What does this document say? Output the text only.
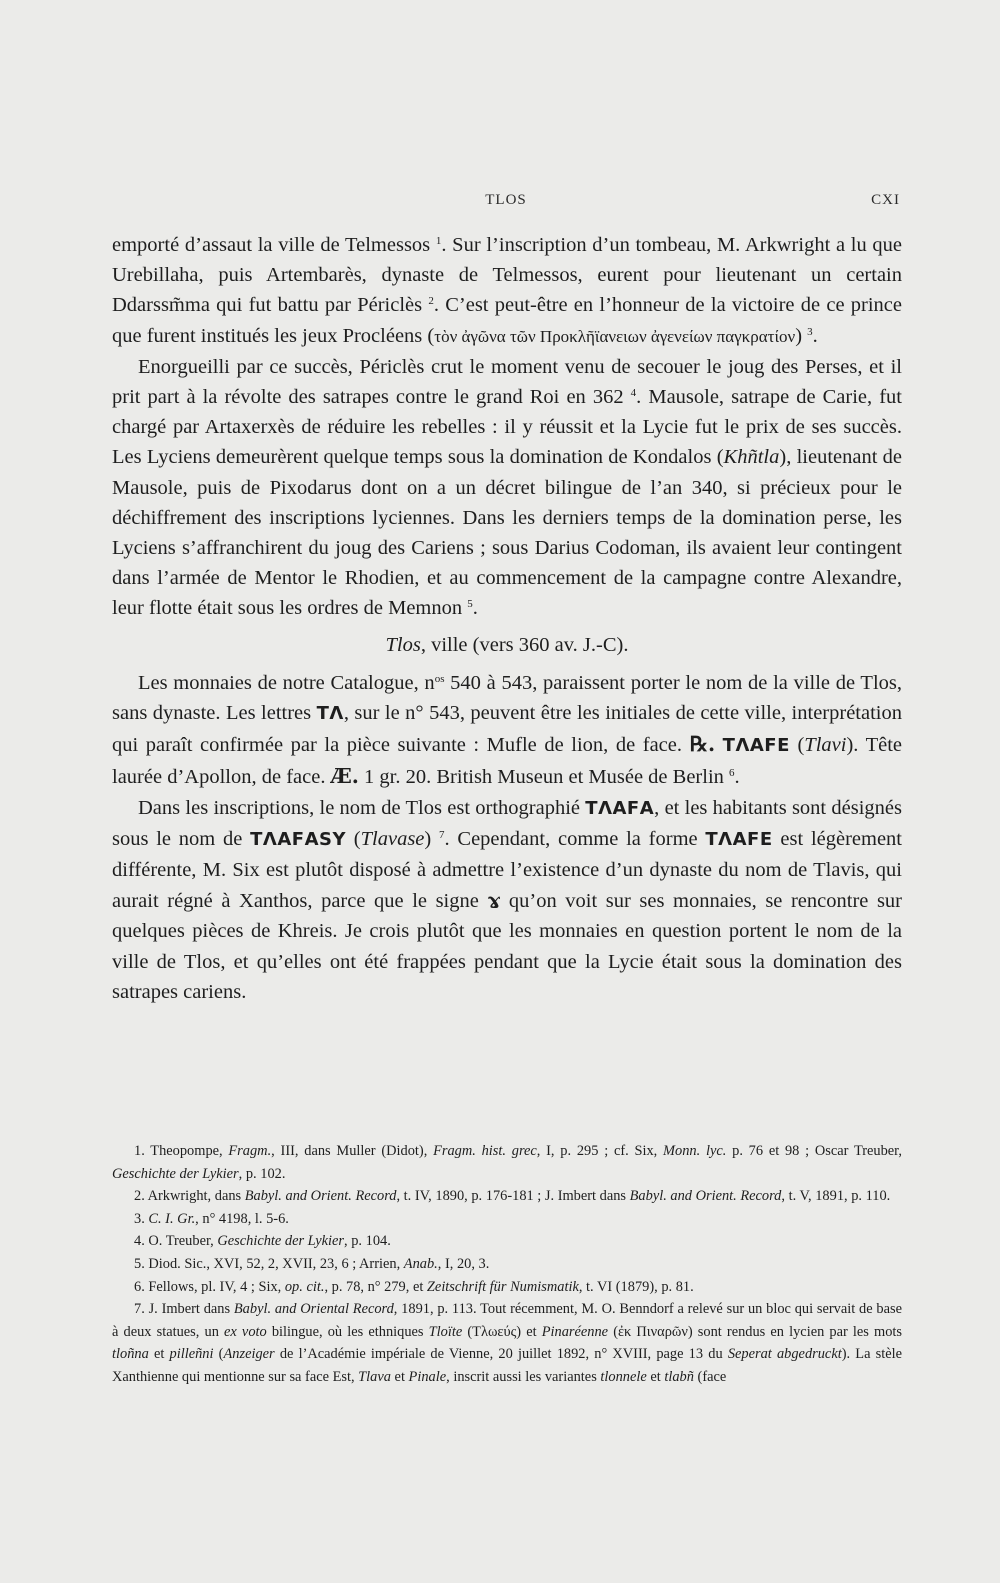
TLOS	CXI

emporté d’assaut la ville de Telmessos $^1$. Sur l’inscription d’un tombeau, M. Arkwright a lu que Urebillaha, puis Artembarès, dynaste de Telmessos, eurent pour lieutenant un certain Ddarssm̃ma qui fut battu par Périclès $^2$. C’est peut-être en l’honneur de la victoire de ce prince que furent institués les jeux Procléens (τὸν ἀγῶνα τῶν Προκλῆϊανειων ἀγενείων παγκρατίον) $^3$.

Enorgueilli par ce succès, Périclès crut le moment venu de secouer le joug des Perses, et il prit part à la révolte des satrapes contre le grand Roi en 362 $^4$. Mausole, satrape de Carie, fut chargé par Artaxerxès de réduire les rebelles : il y réussit et la Lycie fut le prix de ses succès. Les Lyciens demeurèrent quelque temps sous la domination de Kondalos (Khñtla), lieutenant de Mausole, puis de Pixodarus dont on a un décret bilingue de l’an 340, si précieux pour le déchiffrement des inscriptions lyciennes. Dans les derniers temps de la domination perse, les Lyciens s’affranchirent du joug des Cariens ; sous Darius Codoman, ils avaient leur contingent dans l’armée de Mentor le Rhodien, et au commencement de la campagne contre Alexandre, leur flotte était sous les ordres de Memnon $^5$.

Tlos, ville (vers 360 av. J.-C).

Les monnaies de notre Catalogue, $n^{os}$ 540 à 543, paraissent porter le nom de la ville de Tlos, sans dynaste. Les lettres TΛ, sur le n° 543, peuvent être les initiales de cette ville, interprétation qui paraît confirmée par la pièce suivante : Mufle de lion, de face. ℞. TΛΑFE (Tlavi). Tête laurée d’Apollon, de face. Æ. 1 gr. 20. British Museun et Musée de Berlin $^6$.

Dans les inscriptions, le nom de Tlos est orthographié TΛΑFΑ, et les habitants sont désignés sous le nom de TΛΑFΑSΥ (Tlavase) $^7$. Cependant, comme la forme TΛΑFE est légèrement différente, M. Six est plutôt disposé à admettre l’existence d’un dynaste du nom de Tlavis, qui aurait régné à Xanthos, parce que le signe ɤ qu’on voit sur ses monnaies, se rencontre sur quelques pièces de Khreis. Je crois plutôt que les monnaies en question portent le nom de la ville de Tlos, et qu’elles ont été frappées pendant que la Lycie était sous la domination des satrapes cariens.

1. Theopompe, Fragm., III, dans Muller (Didot), Fragm. hist. grec, I, p. 295 ; cf. Six, Monn. lyc. p. 76 et 98 ; Oscar Treuber, Geschichte der Lykier, p. 102.

2. Arkwright, dans Babyl. and Orient. Record, t. IV, 1890, p. 176-181 ; J. Imbert dans Babyl. and Orient. Record, t. V, 1891, p. 110.

3. C. I. Gr., n° 4198, l. 5-6.

4. O. Treuber, Geschichte der Lykier, p. 104.

5. Diod. Sic., XVI, 52, 2, XVII, 23, 6 ; Arrien, Anab., I, 20, 3.

6. Fellows, pl. IV, 4 ; Six, op. cit., p. 78, n° 279, et Zeitschrift für Numismatik, t. VI (1879), p. 81.

7. J. Imbert dans Babyl. and Oriental Record, 1891, p. 113. Tout récemment, M. O. Benndorf a relevé sur un bloc qui servait de base à deux statues, un ex voto bilingue, où les ethniques Tloïte (Τλωεύς) et Pinaréenne (ἐκ Πιναρῶν) sont rendus en lycien par les mots tloñna et pilleñni (Anzeiger de l’Académie impériale de Vienne, 20 juillet 1892, n° XVIII, page 13 du Seperat abgedruckt). La stèle Xanthienne qui mentionne sur sa face Est, Tlava et Pinale, inscrit aussi les variantes tlonnele et tlabñ (face
